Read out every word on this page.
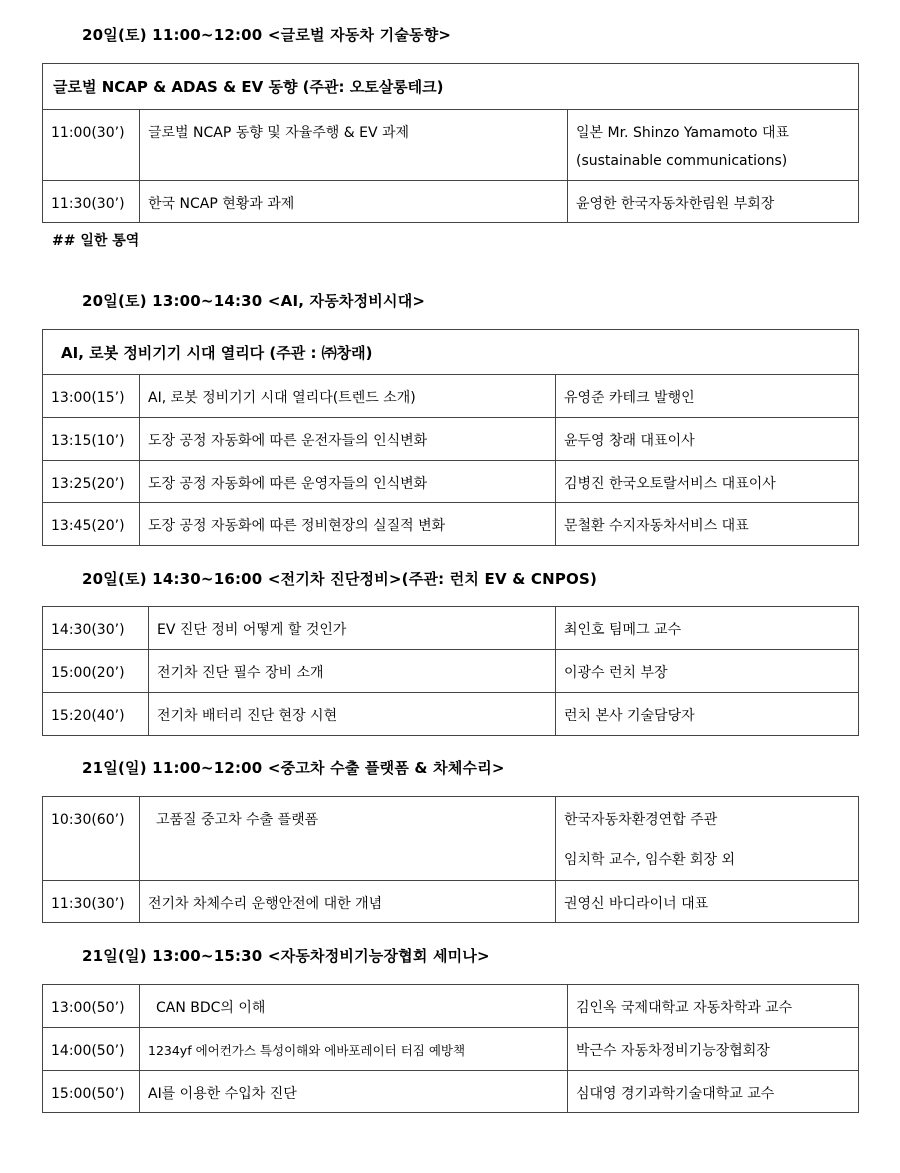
20일(토) 11:00~12:00 <글로벌 자동차 기술동향>
글로벌 NCAP & ADAS & EV 동향 (주관: 오토살롱테크)		

11:00(30’)	글로벌 NCAP 동향 및 자율주행 & EV 과제	일본 Mr. Shinzo Yamamoto 대표
(sustainable communications)

11:30(30’)	한국 NCAP 현황과 과제	윤영한 한국자동차한림원 부회장
## 일한 통역
20일(토) 13:00~14:30 <AI, 자동차정비시대>
AI, 로봇 정비기기 시대 열리다 (주관 : ㈜창래)		

13:00(15’)	AI, 로봇 정비기기 시대 열리다(트렌드 소개)	유영준 카테크 발행인

13:15(10’)	도장 공정 자동화에 따른 운전자들의 인식변화	윤두영 창래 대표이사

13:25(20’)	도장 공정 자동화에 따른 운영자들의 인식변화	김병진 한국오토랄서비스 대표이사

13:45(20’)	도장 공정 자동화에 따른 정비현장의 실질적 변화	문철환 수지자동차서비스 대표
20일(토) 14:30~16:00 <전기차 진단정비>(주관: 런치 EV & CNPOS)
14:30(30’)	EV 진단 정비 어떻게 할 것인가	최인호 팀메그 교수

15:00(20’)	전기차 진단 필수 장비 소개	이광수 런치 부장

15:20(40’)	전기차 배터리 진단 현장 시현	런치 본사 기술담당자
21일(일) 11:00~12:00 <중고차 수출 플랫폼 & 차체수리>
10:30(60’)	고품질 중고차 수출 플랫폼	한국자동차환경연합 주관
임치학 교수, 임수환 회장 외

11:30(30’)	전기차 차체수리 운행안전에 대한 개념	권영신 바디라이너 대표
21일(일) 13:00~15:30 <자동차정비기능장협회 세미나>
13:00(50’)	CAN BDC의 이해	김인옥 국제대학교 자동차학과 교수

14:00(50’)	1234yf 에어컨가스 특성이해와 에바포레이터 터짐 예방책	박근수 자동차정비기능장협회장

15:00(50’)	AI를 이용한 수입차 진단	심대영 경기과학기술대학교 교수
